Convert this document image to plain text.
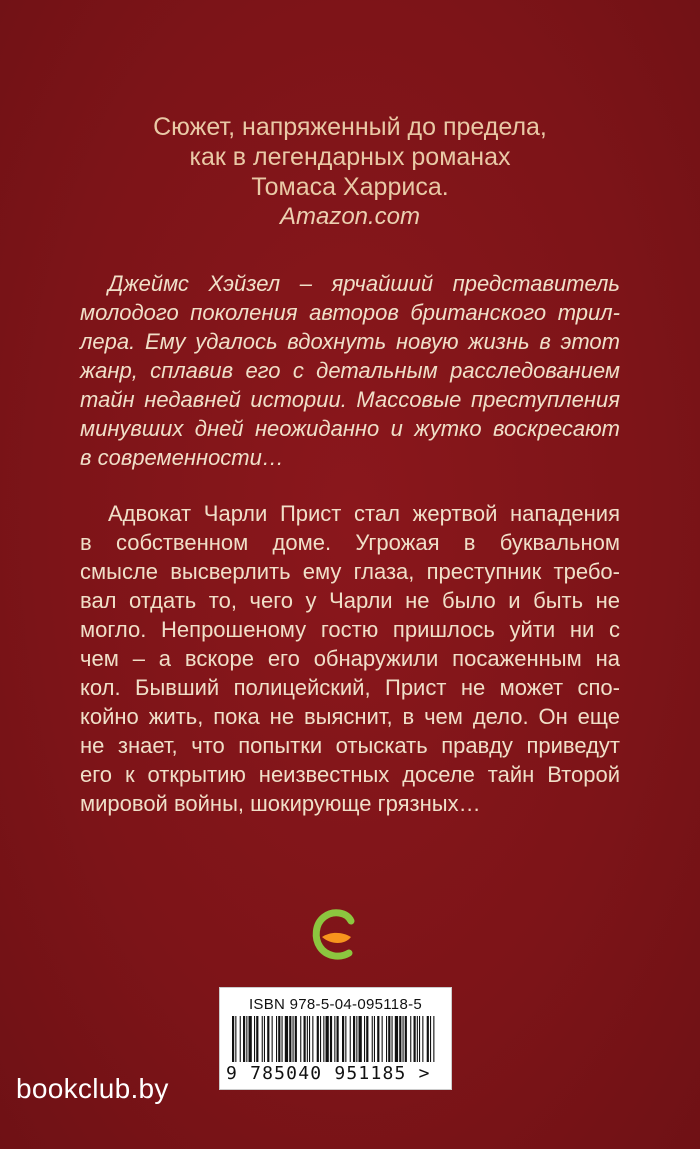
Сюжет, напряженный до предела,
как в легендарных романах
Томаса Харриса.
Amazon.com
Джеймс Хэйзел – ярчайший представитель
молодого поколения авторов британского трил-
лера. Ему удалось вдохнуть новую жизнь в этот
жанр, сплавив его с детальным расследованием
тайн недавней истории. Массовые преступления
минувших дней неожиданно и жутко воскресают
в современности…
Адвокат Чарли Прист стал жертвой нападения
в собственном доме. Угрожая в буквальном
смысле высверлить ему глаза, преступник требо-
вал отдать то, чего у Чарли не было и быть не
могло. Непрошеному гостю пришлось уйти ни с
чем – а вскоре его обнаружили посаженным на
кол. Бывший полицейский, Прист не может спо-
койно жить, пока не выяснит, в чем дело. Он еще
не знает, что попытки отыскать правду приведут
его к открытию неизвестных доселе тайн Второй
мировой войны, шокирующе грязных…
ISBN 978-5-04-095118-5
9 785040 951185 >
bookclub.by
